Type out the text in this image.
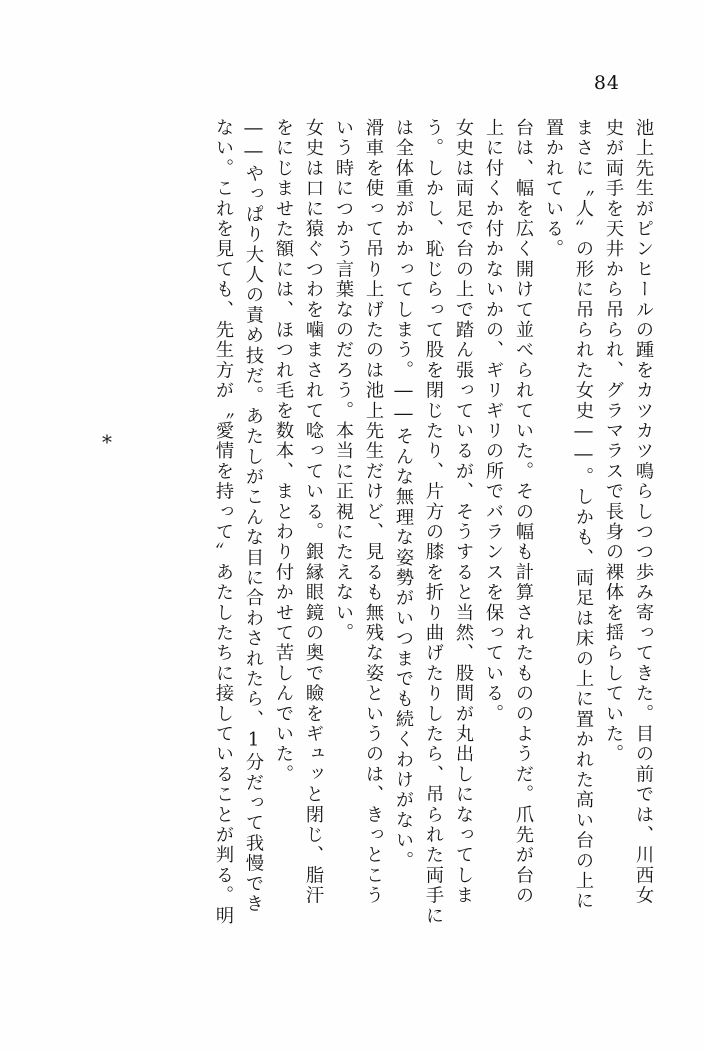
84
*	池上先生がピンヒールの踵をカツカツ鳴らしつつ歩み寄ってきた。目の前では、川西女
史が両手を天井から吊られ、グラマラスで長身の裸体を揺らしていた。
まさに〝人〟の形に吊られた女史――。しかも、両足は床の上に置かれた高い台の上に
置かれている。
台は、幅を広く開けて並べられていた。その幅も計算されたもののようだ。爪先が台の
上に付くか付かないかの、ギリギリの所でバランスを保っている。
女史は両足で台の上で踏ん張っているが、そうすると当然、股間が丸出しになってしま
う。しかし、恥じらって股を閉じたり、片方の膝を折り曲げたりしたら、吊られた両手に
は全体重がかかってしまう。――そんな無理な姿勢がいつまでも続くわけがない。
滑車を使って吊り上げたのは池上先生だけど、見るも無残な姿というのは、きっとこう
いう時につかう言葉なのだろう。本当に正視にたえない。
女史は口に猿ぐつわを噛まされて唸っている。銀縁眼鏡の奥で瞼をギュッと閉じ、脂汗
をにじませた額には、ほつれ毛を数本、まとわり付かせて苦しんでいた。
――やっぱり大人の責め技だ。あたしがこんな目に合わされたら、1分だって我慢でき
ない。これを見ても、先生方が〝愛情を持って〟あたしたちに接していることが判る。明
